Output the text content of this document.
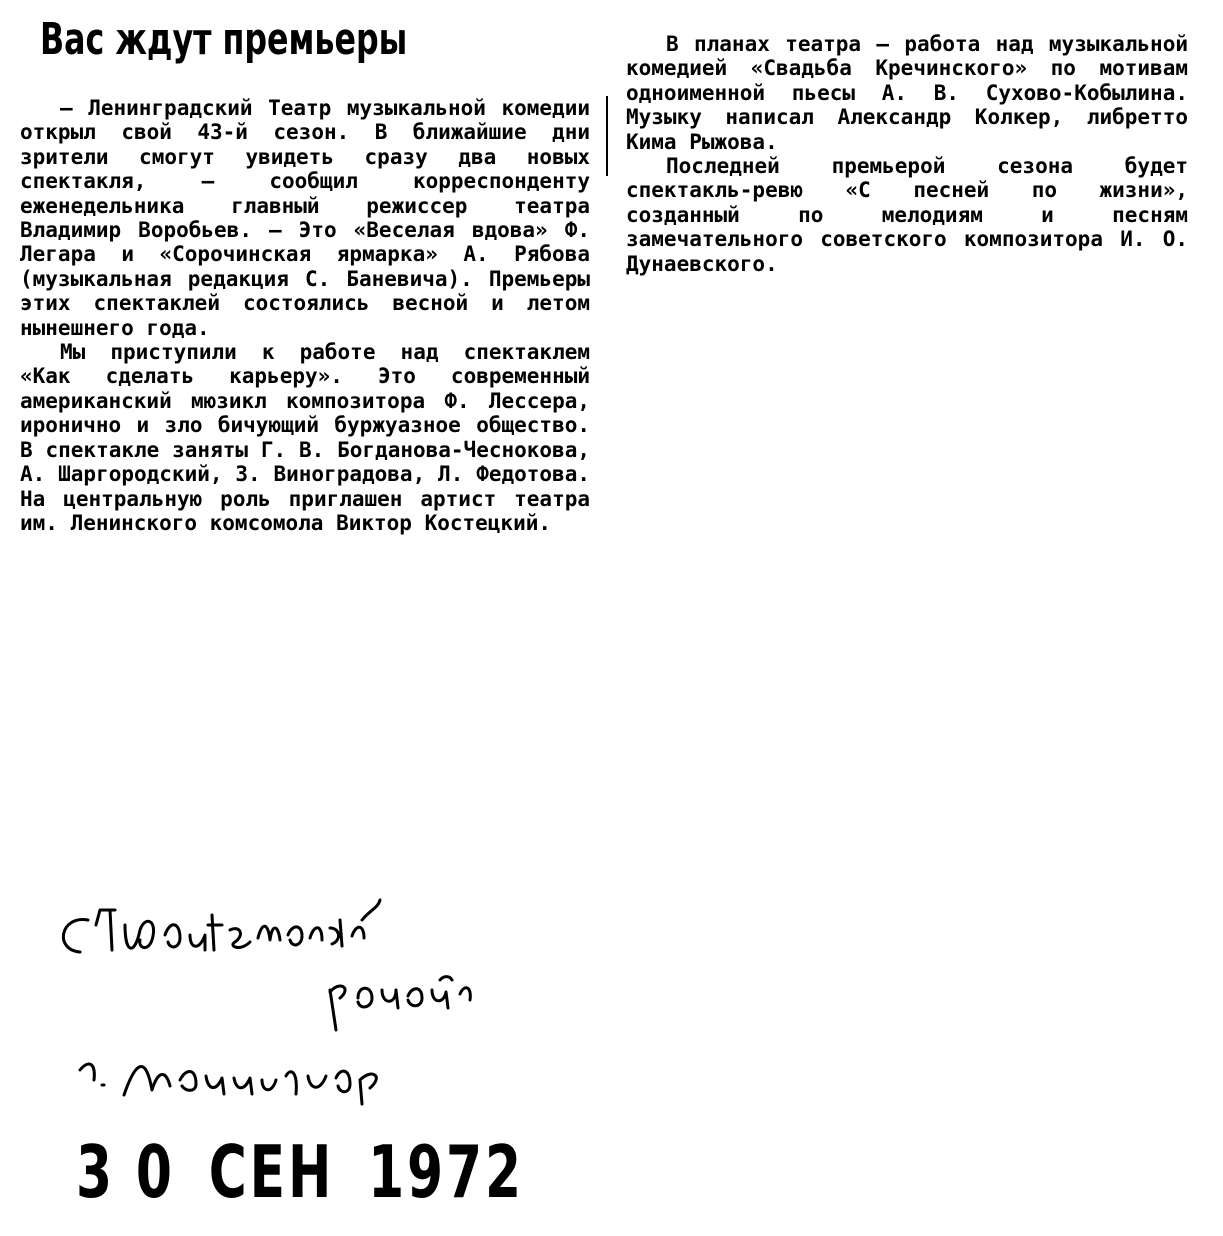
Вас ждут премьеры

— Ленинградский Театр музыкальной комедии открыл свой 43-й сезон. В ближайшие дни зрители смогут увидеть сразу два новых спектакля, — сообщил корреспонденту еженедельника главный режиссер театра Владимир Воробьев. — Это «Веселая вдова» Ф. Легара и «Сорочинская ярмарка» А. Рябова (музыкальная редакция С. Баневича). Премьеры этих спектаклей состоялись весной и летом нынешнего года.

Мы приступили к работе над спектаклем «Как сделать карьеру». Это современный американский мюзикл композитора Ф. Лессера, иронично и зло бичующий буржуазное общество. В спектакле заняты Г. В. Богданова-Чеснокова, А. Шаргородский, З. Виноградова, Л. Федотова. На центральную роль приглашен артист театра им. Ленинского комсомола Виктор Костецкий.

В планах театра — работа над музыкальной комедией «Свадьба Кречинского» по мотивам одноименной пьесы А. В. Сухово-Кобылина. Музыку написал Александр Колкер, либретто Кима Рыжова.

Последней премьерой сезона будет спектакль-ревю «С песней по жизни», созданный по мелодиям и песням замечательного советского композитора И. О. Дунаевского.

3 0 СЕН 1972
